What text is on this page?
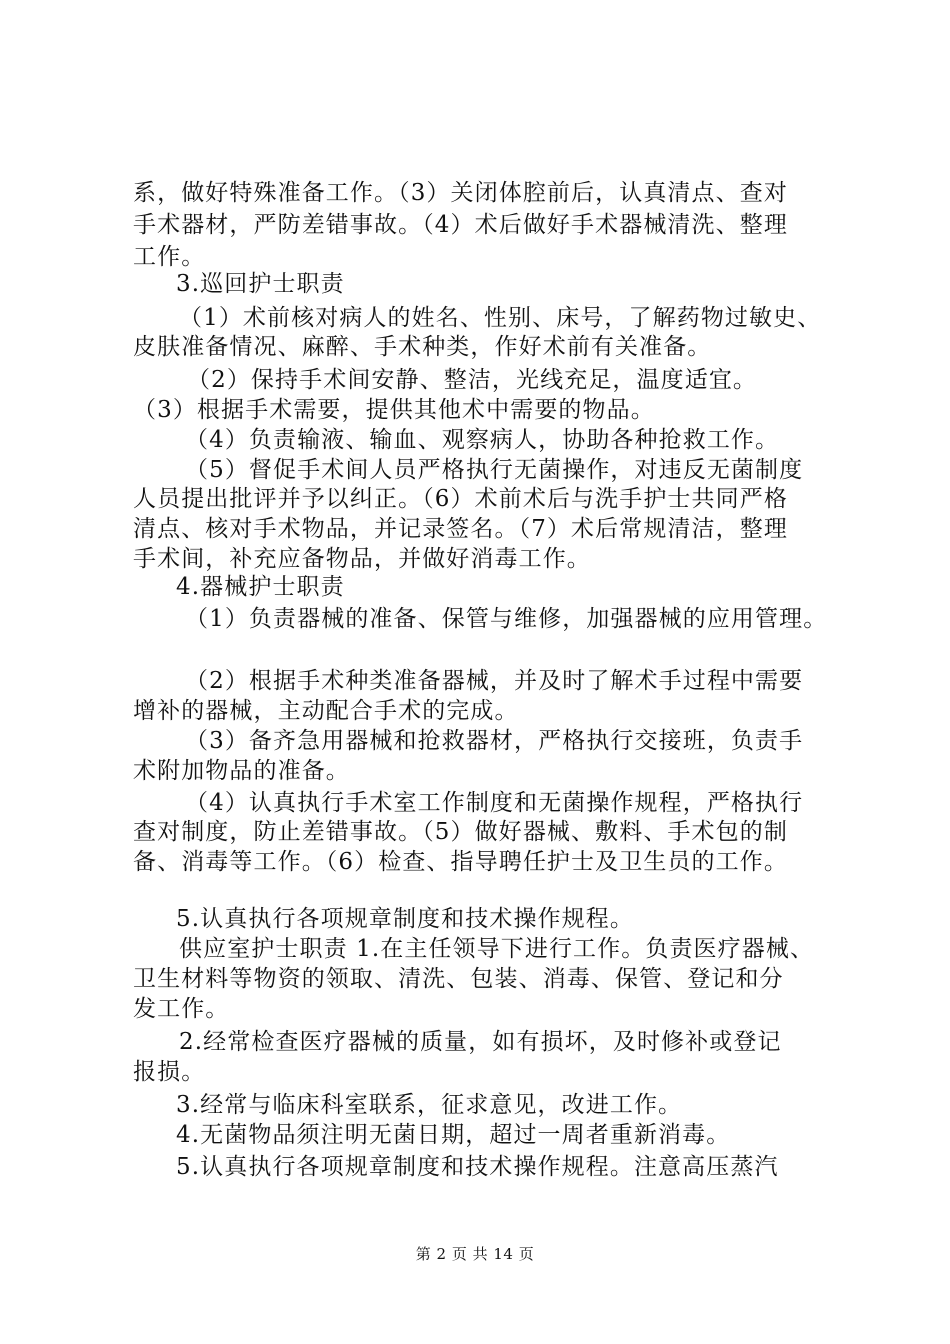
系，做好特殊准备工作。（3）关闭体腔前后，认真清点、查对
手术器材，严防差错事故。（4）术后做好手术器械清洗、整理
工作。
3.巡回护士职责
（1）术前核对病人的姓名、性别、床号，了解药物过敏史、
皮肤准备情况、麻醉、手术种类，作好术前有关准备。
（2）保持手术间安静、整洁，光线充足，温度适宜。
（3）根据手术需要，提供其他术中需要的物品。
（4）负责输液、输血、观察病人，协助各种抢救工作。
（5）督促手术间人员严格执行无菌操作，对违反无菌制度
人员提出批评并予以纠正。（6）术前术后与洗手护士共同严格
清点、核对手术物品，并记录签名。（7）术后常规清洁，整理
手术间，补充应备物品，并做好消毒工作。
4.器械护士职责
（1）负责器械的准备、保管与维修，加强器械的应用管理。
（2）根据手术种类准备器械，并及时了解术手过程中需要
增补的器械，主动配合手术的完成。
（3）备齐急用器械和抢救器材，严格执行交接班，负责手
术附加物品的准备。
（4）认真执行手术室工作制度和无菌操作规程，严格执行
查对制度，防止差错事故。（5）做好器械、敷料、手术包的制
备、消毒等工作。（6）检查、指导聘任护士及卫生员的工作。
5.认真执行各项规章制度和技术操作规程。
供应室护士职责 1.在主任领导下进行工作。负责医疗器械、
卫生材料等物资的领取、清洗、包装、消毒、保管、登记和分
发工作。
2.经常检查医疗器械的质量，如有损坏，及时修补或登记
报损。
3.经常与临床科室联系，征求意见，改进工作。
4.无菌物品须注明无菌日期，超过一周者重新消毒。
5.认真执行各项规章制度和技术操作规程。注意高压蒸汽
第 2 页 共 14 页
